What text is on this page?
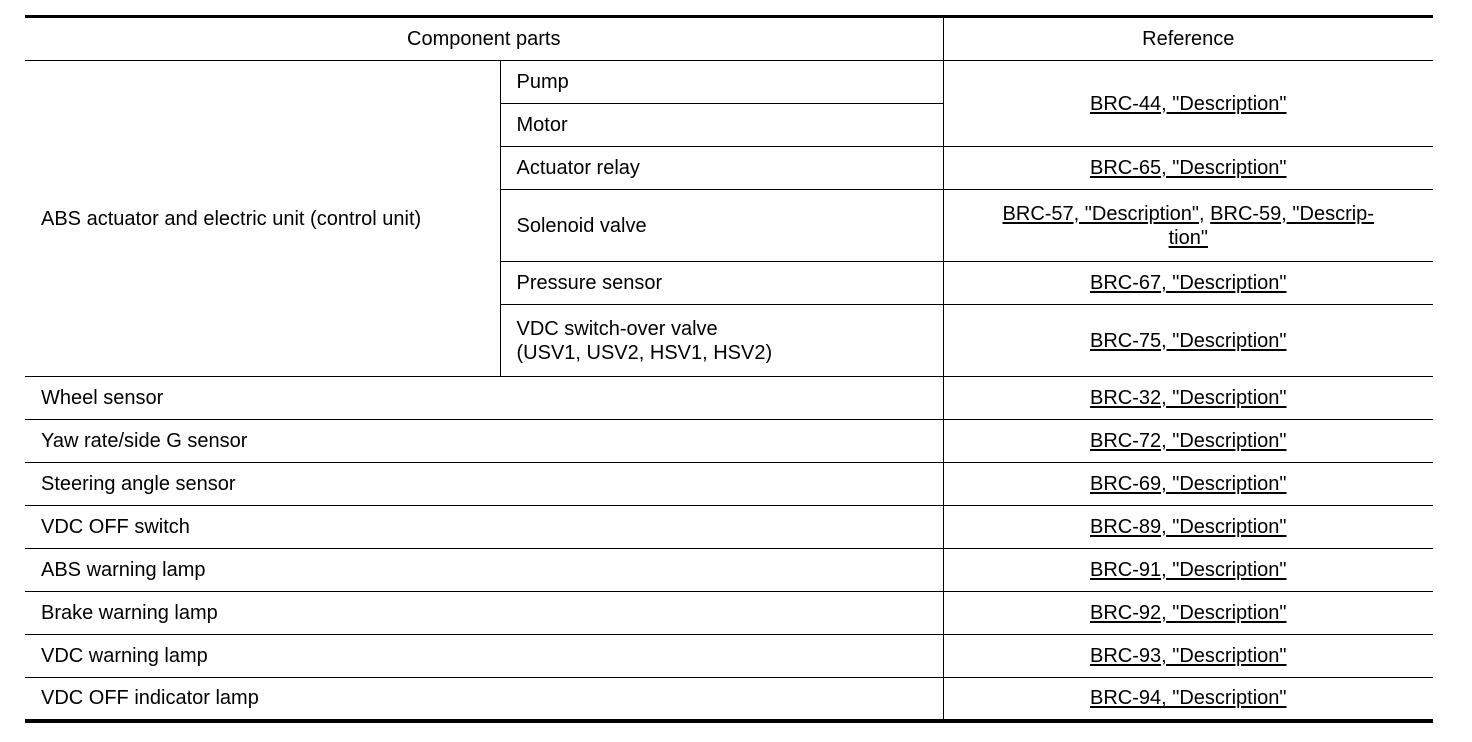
Component parts		Reference
ABS actuator and electric unit (control unit)	Pump	BRC-44, "Description"
	Motor	
	Actuator relay	BRC-65, "Description"
	Solenoid valve	BRC-57, "Description", BRC-59, "Descrip-
tion"
	Pressure sensor	BRC-67, "Description"
	VDC switch-over valve
(USV1, USV2, HSV1, HSV2)	BRC-75, "Description"
Wheel sensor		BRC-32, "Description"
Yaw rate/side G sensor		BRC-72, "Description"
Steering angle sensor		BRC-69, "Description"
VDC OFF switch		BRC-89, "Description"
ABS warning lamp		BRC-91, "Description"
Brake warning lamp		BRC-92, "Description"
VDC warning lamp		BRC-93, "Description"
VDC OFF indicator lamp		BRC-94, "Description"
